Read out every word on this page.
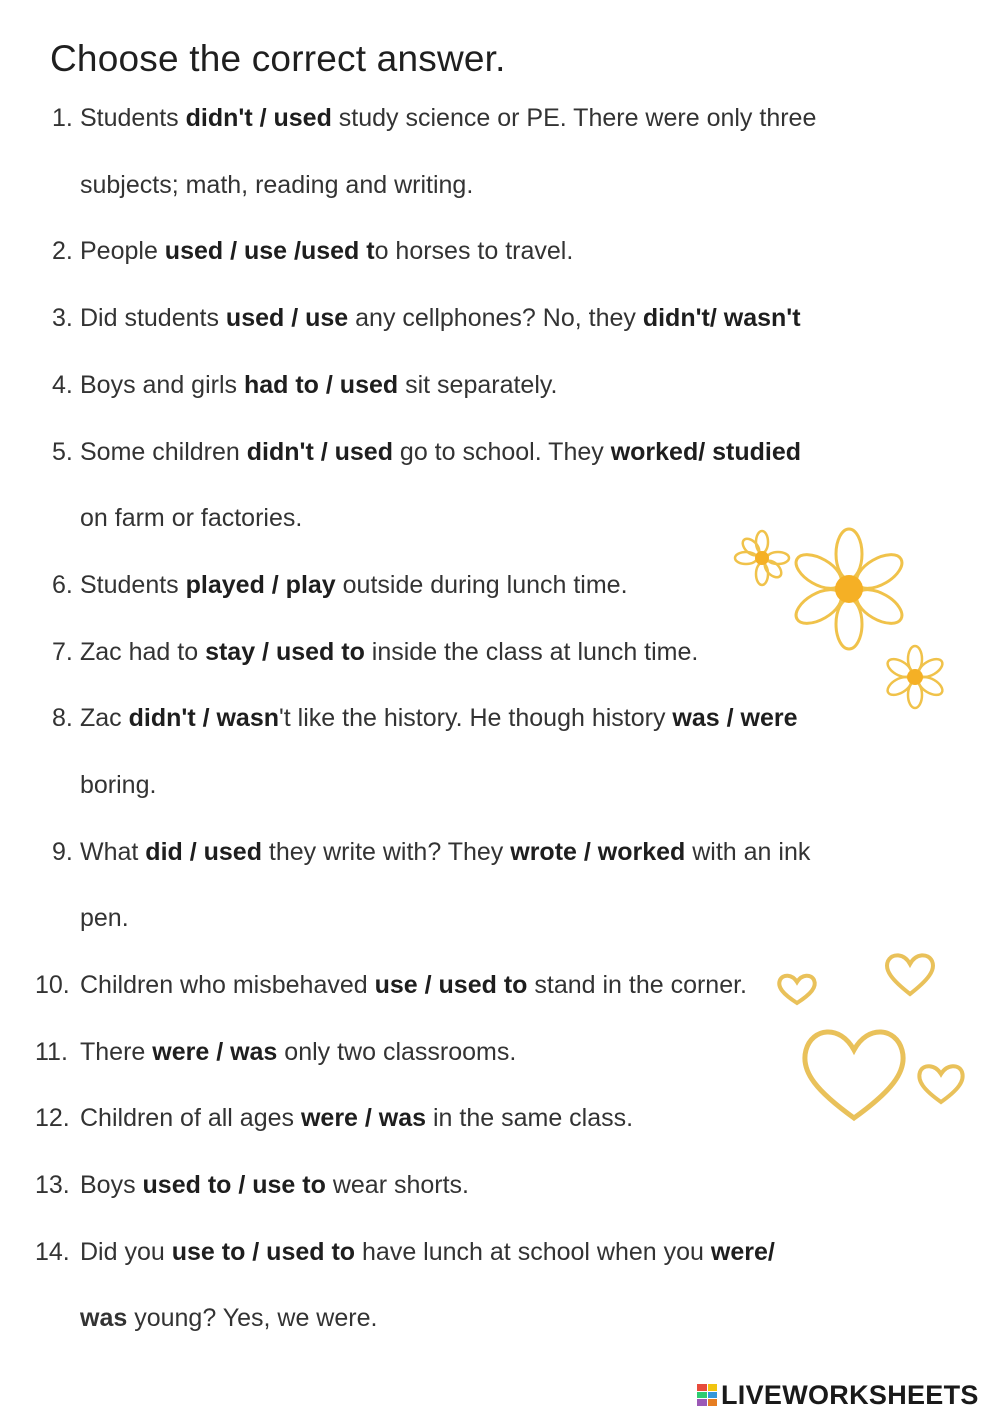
Choose the correct answer.
1. Students didn't / used study science or PE. There were only three
subjects; math, reading and writing.
2. People used / use /used to horses to travel.
3. Did students used / use any cellphones? No, they didn't/ wasn't
4. Boys and girls had to / used sit separately.
5. Some children didn't / used go to school. They worked/ studied
on farm or factories.
6. Students played / play outside during lunch time.
7. Zac had to stay / used to inside the class at lunch time.
8. Zac didn't / wasn't like the history. He though history was / were
boring.
9. What did / used they write with? They wrote / worked with an ink
pen.
10. Children who misbehaved use / used to stand in the corner.
11. There were / was only two classrooms.
12. Children of all ages were / was in the same class.
13. Boys used to / use to wear shorts.
14. Did you use to / used to have lunch at school when you were/
was young? Yes, we were.
LIVEWORKSHEETS
